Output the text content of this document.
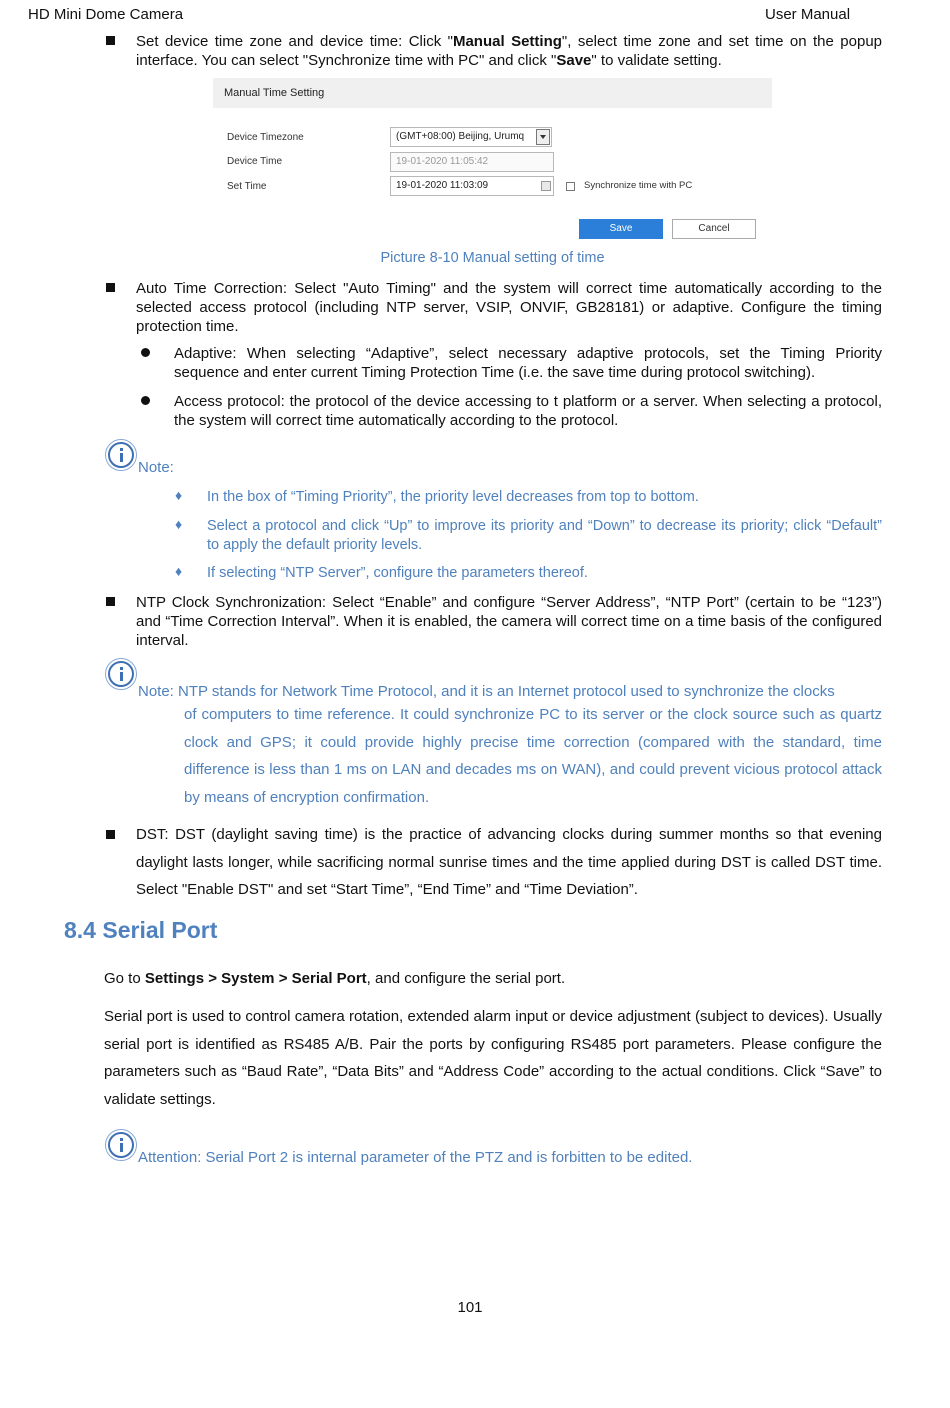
HD Mini Dome Camera	User Manual
Set device time zone and device time: Click "Manual Setting", select time zone and set time on the popup interface. You can select "Synchronize time with PC" and click "Save" to validate setting.
Manual Time Setting
Device Timezone	(GMT+08:00) Beijing, Urumq
Device Time	19-01-2020 11:05:42
Set Time	19-01-2020 11:03:09	Synchronize time with PC
Save	Cancel
Picture 8-10 Manual setting of time
Auto Time Correction: Select "Auto Timing" and the system will correct time automatically according to the selected access protocol (including NTP server, VSIP, ONVIF, GB28181) or adaptive. Configure the timing protection time.
Adaptive: When selecting “Adaptive”, select necessary adaptive protocols, set the Timing Priority sequence and enter current Timing Protection Time (i.e. the save time during protocol switching).
Access protocol: the protocol of the device accessing to t platform or a server. When selecting a protocol, the system will correct time automatically according to the protocol.
Note:
♦ In the box of “Timing Priority”, the priority level decreases from top to bottom.
♦ Select a protocol and click “Up” to improve its priority and “Down” to decrease its priority; click “Default” to apply the default priority levels.
♦ If selecting “NTP Server”, configure the parameters thereof.
NTP Clock Synchronization: Select “Enable” and configure “Server Address”, “NTP Port” (certain to be “123”) and “Time Correction Interval”. When it is enabled, the camera will correct time on a time basis of the configured interval.
Note: NTP stands for Network Time Protocol, and it is an Internet protocol used to synchronize the clocks
of computers to time reference. It could synchronize PC to its server or the clock source such as quartz clock and GPS; it could provide highly precise time correction (compared with the standard, time difference is less than 1 ms on LAN and decades ms on WAN), and could prevent vicious protocol attack by means of encryption confirmation.
DST: DST (daylight saving time) is the practice of advancing clocks during summer months so that evening daylight lasts longer, while sacrificing normal sunrise times and the time applied during DST is called DST time. Select "Enable DST" and set “Start Time”, “End Time” and “Time Deviation”.
8.4 Serial Port
Go to Settings > System > Serial Port, and configure the serial port.
Serial port is used to control camera rotation, extended alarm input or device adjustment (subject to devices). Usually serial port is identified as RS485 A/B. Pair the ports by configuring RS485 port parameters. Please configure the parameters such as “Baud Rate”, “Data Bits” and “Address Code” according to the actual conditions. Click “Save” to validate settings.
Attention: Serial Port 2 is internal parameter of the PTZ and is forbitten to be edited.
101
